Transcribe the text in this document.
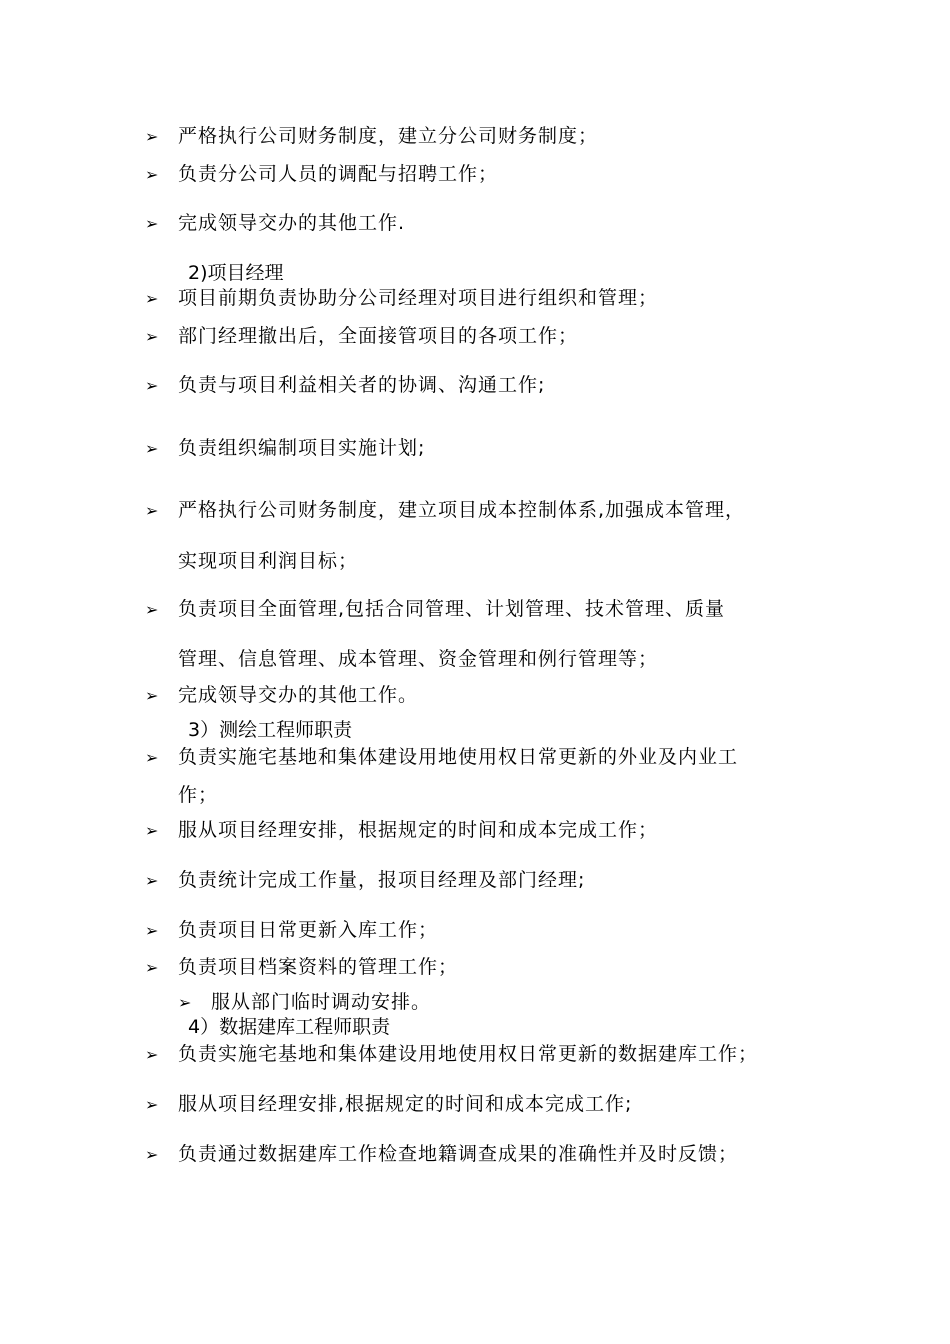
➢ 严格执行公司财务制度，建立分公司财务制度；
➢ 负责分公司人员的调配与招聘工作；
➢ 完成领导交办的其他工作.
2)项目经理
➢ 项目前期负责协助分公司经理对项目进行组织和管理；
➢ 部门经理撤出后，全面接管项目的各项工作；
➢ 负责与项目利益相关者的协调、沟通工作;
➢ 负责组织编制项目实施计划;
➢ 严格执行公司财务制度，建立项目成本控制体系,加强成本管理，
实现项目利润目标；
➢ 负责项目全面管理,包括合同管理、计划管理、技术管理、质量
管理、信息管理、成本管理、资金管理和例行管理等；
➢ 完成领导交办的其他工作。
3）测绘工程师职责
➢ 负责实施宅基地和集体建设用地使用权日常更新的外业及内业工
作；
➢ 服从项目经理安排，根据规定的时间和成本完成工作；
➢ 负责统计完成工作量，报项目经理及部门经理;
➢ 负责项目日常更新入库工作；
➢ 负责项目档案资料的管理工作；
➢ 服从部门临时调动安排。
4）数据建库工程师职责
➢ 负责实施宅基地和集体建设用地使用权日常更新的数据建库工作；
➢ 服从项目经理安排,根据规定的时间和成本完成工作;
➢ 负责通过数据建库工作检查地籍调查成果的准确性并及时反馈；
